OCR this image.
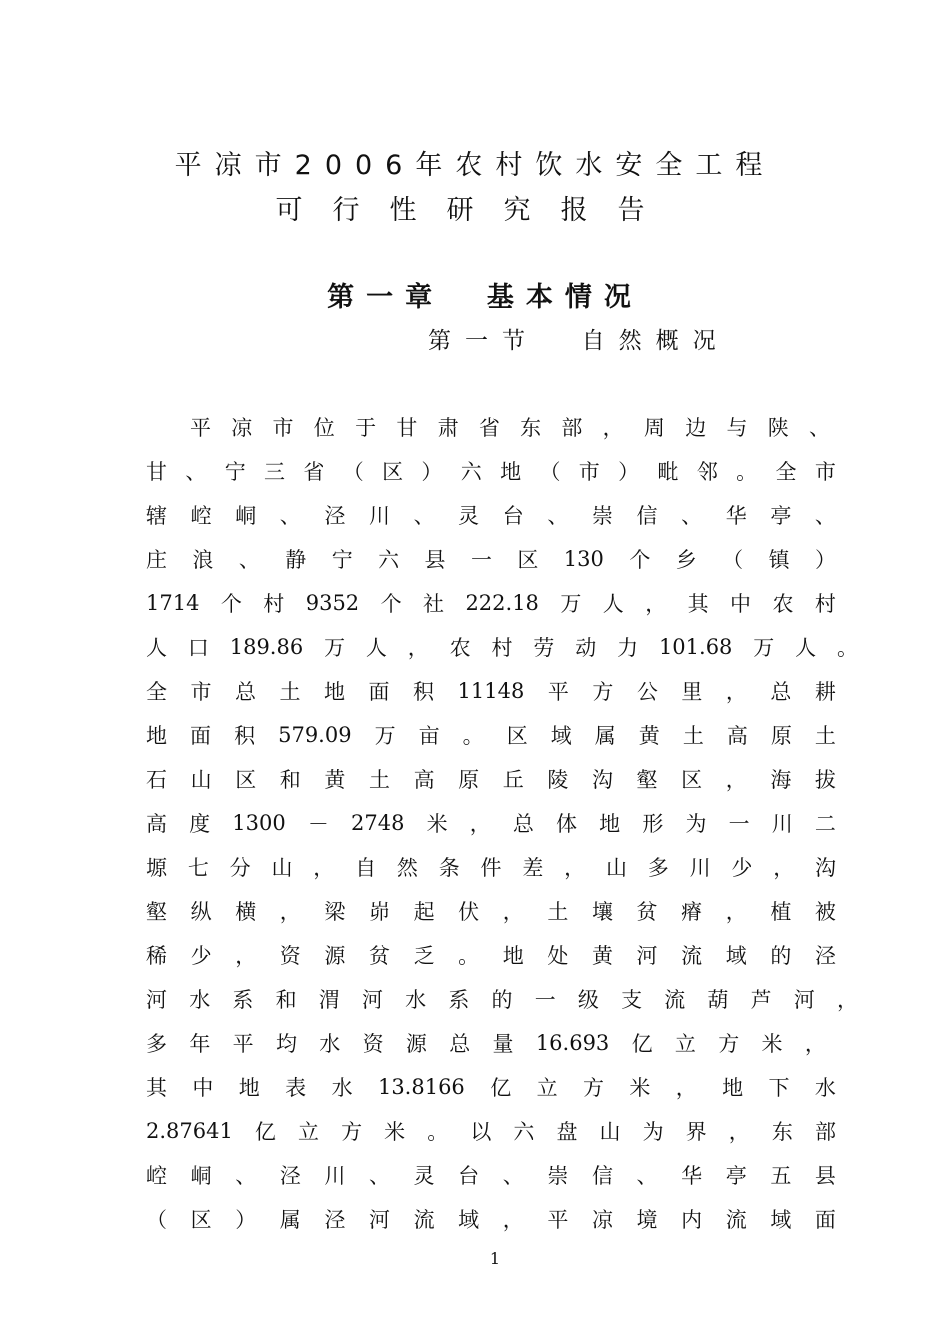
平凉市2006年农村饮水安全工程
可行性研究报告
第一章  基本情况
第一节  自然概况
平 凉 市 位 于 甘 肃 省 东 部 ， 周 边 与 陕 、
甘 、 宁 三 省 （ 区 ） 六 地 （ 市 ） 毗 邻 。 全 市
辖 崆 峒 、 泾 川 、 灵 台 、 崇 信 、 华 亭 、
庄 浪 、 静 宁 六 县 一 区 130 个 乡 （ 镇 ）
1714 个 村 9352 个 社 222.18 万 人 ， 其 中 农 村
人 口 189.86 万 人 ， 农 村 劳 动 力 101.68 万 人 。
全 市 总 土 地 面 积 11148 平 方 公 里 ， 总 耕
地 面 积 579.09 万 亩 。 区 域 属 黄 土 高 原 土
石 山 区 和 黄 土 高 原 丘 陵 沟 壑 区 ， 海 拔
高 度 1300 － 2748 米 ， 总 体 地 形 为 一 川 二
塬 七 分 山 ， 自 然 条 件 差 ， 山 多 川 少 ， 沟
壑 纵 横 ， 梁 峁 起 伏 ， 土 壤 贫 瘠 ， 植 被
稀 少 ， 资 源 贫 乏 。 地 处 黄 河 流 域 的 泾
河 水 系 和 渭 河 水 系 的 一 级 支 流 葫 芦 河 ，
多 年 平 均 水 资 源 总 量 16.693 亿 立 方 米 ，
其 中 地 表 水 13.8166 亿 立 方 米 ， 地 下 水
2.87641 亿 立 方 米 。 以 六 盘 山 为 界 ， 东 部
崆 峒 、 泾 川 、 灵 台 、 崇 信 、 华 亭 五 县
（ 区 ） 属 泾 河 流 域 ， 平 凉 境 内 流 域 面
1
